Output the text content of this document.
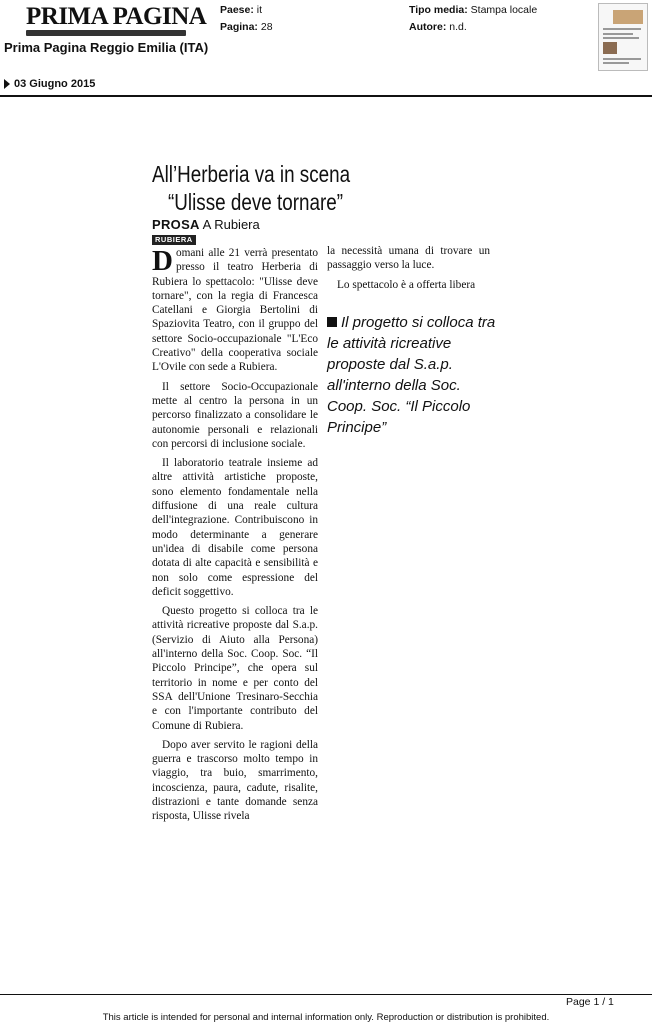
PRIMA PAGINA
Prima Pagina Reggio Emilia (ITA)
Paese: it
Pagina: 28
Tipo media: Stampa locale
Autore: n.d.
03 Giugno 2015
All’Herberia va in scena
“Ulisse deve tornare”
PROSA A Rubiera
RUBIERA

Domani alle 21 verrà presentato presso il teatro Herberia di Rubiera lo spettacolo: "Ulisse deve tornare", con la regia di Francesca Catellani e Giorgia Bertolini di Spaziovita Teatro, con il gruppo del settore Socio-occupazionale "L'Eco Creativo" della cooperativa sociale L'Ovile con sede a Rubiera.

Il settore Socio-Occupazionale mette al centro la persona in un percorso finalizzato a consolidare le autonomie personali e relazionali con percorsi di inclusione sociale.

Il laboratorio teatrale insieme ad altre attività artistiche proposte, sono elemento fondamentale nella diffusione di una reale cultura dell'integrazione. Contribuiscono in modo determinante a generare un'idea di disabile come persona dotata di alte capacità e sensibilità e non solo come espressione del deficit soggettivo.

Questo progetto si colloca tra le attività ricreative proposte dal S.a.p. (Servizio di Aiuto alla Persona) all'interno della Soc. Coop. Soc. “Il Piccolo Principe”, che opera sul territorio in nome e per conto del SSA dell'Unione Tresinaro-Secchia e con l'importante contributo del Comune di Rubiera.

Dopo aver servito le ragioni della guerra e trascorso molto tempo in viaggio, tra buio, smarrimento, incoscienza, paura, cadute, risalite, distrazioni e tante domande senza risposta, Ulisse rivela

la necessità umana di trovare un passaggio verso la luce.

Lo spettacolo è a offerta libera

Il progetto si colloca tra le attività ricreative proposte dal S.a.p. all'interno della Soc. Coop. Soc. “Il Piccolo Principe”
Page 1 / 1
This article is intended for personal and internal information only. Reproduction or distribution is prohibited.
